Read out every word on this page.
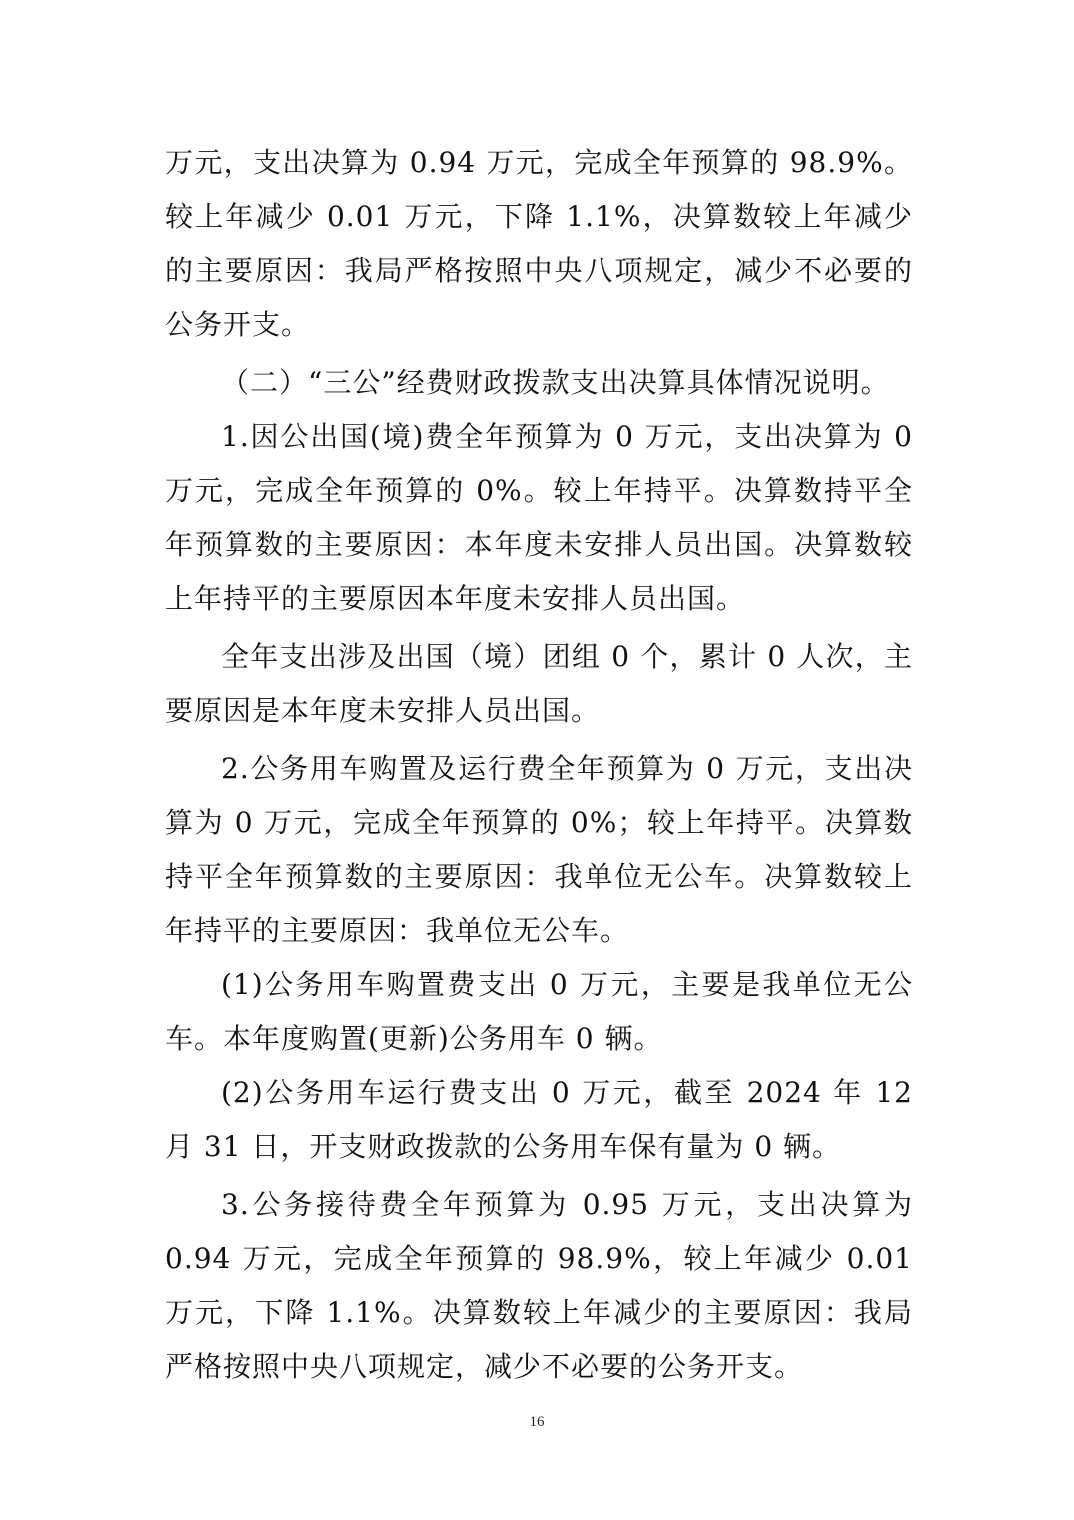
万元，支出决算为 0.94 万元，完成全年预算的 98.9%。较上年减少 0.01 万元，下降 1.1%，决算数较上年减少的主要原因：我局严格按照中央八项规定，减少不必要的公务开支。

（二）“三公”经费财政拨款支出决算具体情况说明。

1.因公出国(境)费全年预算为 0 万元，支出决算为 0 万元，完成全年预算的 0%。较上年持平。决算数持平全年预算数的主要原因：本年度未安排人员出国。决算数较上年持平的主要原因本年度未安排人员出国。

全年支出涉及出国（境）团组 0 个，累计 0 人次，主要原因是本年度未安排人员出国。

2.公务用车购置及运行费全年预算为 0 万元，支出决算为 0 万元，完成全年预算的 0%；较上年持平。决算数持平全年预算数的主要原因：我单位无公车。决算数较上年持平的主要原因：我单位无公车。

(1)公务用车购置费支出 0 万元，主要是我单位无公车。本年度购置(更新)公务用车 0 辆。

(2)公务用车运行费支出 0 万元，截至 2024 年 12 月 31 日，开支财政拨款的公务用车保有量为 0 辆。

3.公务接待费全年预算为 0.95 万元，支出决算为 0.94 万元，完成全年预算的 98.9%，较上年减少 0.01 万元，下降 1.1%。决算数较上年减少的主要原因：我局严格按照中央八项规定，减少不必要的公务开支。

16
